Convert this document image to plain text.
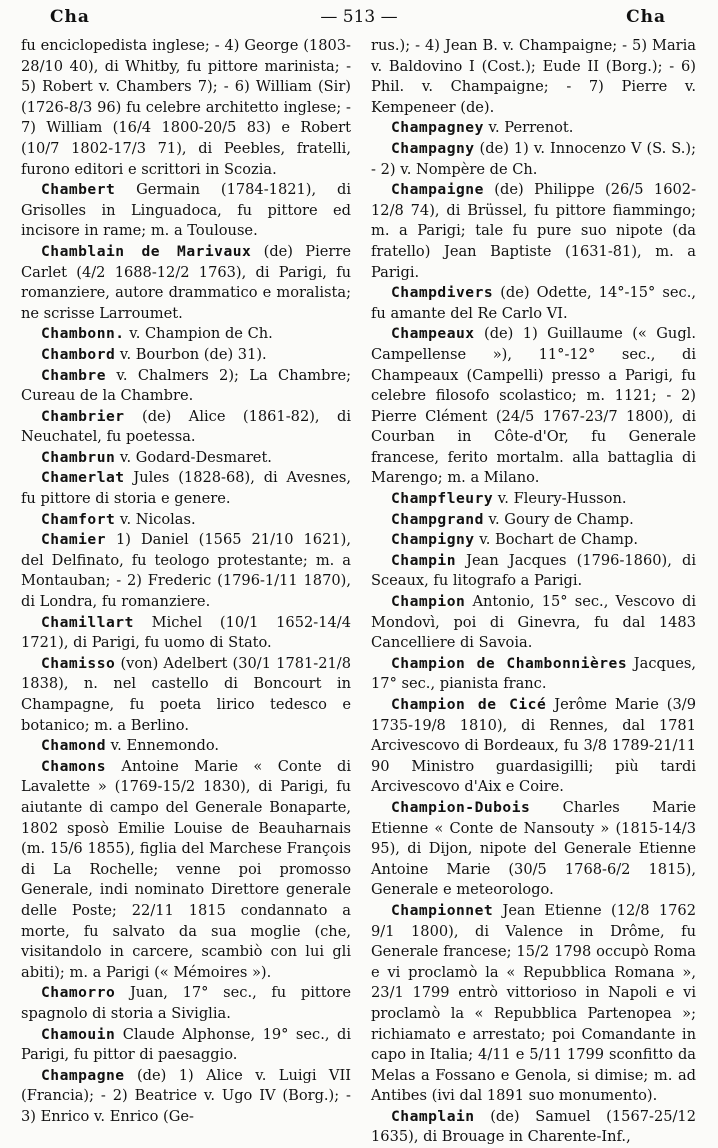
Cha	— 513 —	Cha

fu enciclopedista inglese; - 4) George (1803-28/10 40), di Whitby, fu pittore marinista; - 5) Robert v. Chambers 7); - 6) William (Sir) (1726-8/3 96) fu celebre architetto inglese; - 7) William (16/4 1800-20/5 83) e Robert (10/7 1802-17/3 71), di Peebles, fratelli, furono editori e scrittori in Scozia.

Chambert Germain (1784-1821), di Grisolles in Linguadoca, fu pittore ed incisore in rame; m. a Toulouse.

Chamblain de Marivaux (de) Pierre Carlet (4/2 1688-12/2 1763), di Parigi, fu romanziere, autore drammatico e moralista; ne scrisse Larroumet.

Chambonn. v. Champion de Ch.

Chambord v. Bourbon (de) 31).

Chambre v. Chalmers 2); La Chambre; Cureau de la Chambre.

Chambrier (de) Alice (1861-82), di Neuchatel, fu poetessa.

Chambrun v. Godard-Desmaret.

Chamerlat Jules (1828-68), di Avesnes, fu pittore di storia e genere.

Chamfort v. Nicolas.

Chamier 1) Daniel (1565 21/10 1621), del Delfinato, fu teologo protestante; m. a Montauban; - 2) Frederic (1796-1/11 1870), di Londra, fu romanziere.

Chamillart Michel (10/1 1652-14/4 1721), di Parigi, fu uomo di Stato.

Chamisso (von) Adelbert (30/1 1781-21/8 1838), n. nel castello di Boncourt in Champagne, fu poeta lirico tedesco e botanico; m. a Berlino.

Chamond v. Ennemondo.

Chamons Antoine Marie « Conte di Lavalette » (1769-15/2 1830), di Parigi, fu aiutante di campo del Generale Bonaparte, 1802 sposò Emilie Louise de Beauharnais (m. 15/6 1855), figlia del Marchese François di La Rochelle; venne poi promosso Generale, indi nominato Direttore generale delle Poste; 22/11 1815 condannato a morte, fu salvato da sua moglie (che, visitandolo in carcere, scambiò con lui gli abiti); m. a Parigi (« Mémoires »).

Chamorro Juan, 17° sec., fu pittore spagnolo di storia a Siviglia.

Chamouin Claude Alphonse, 19° sec., di Parigi, fu pittor di paesaggio.

Champagne (de) 1) Alice v. Luigi VII (Francia); - 2) Beatrice v. Ugo IV (Borg.); - 3) Enrico v. Enrico (Ge-

rus.); - 4) Jean B. v. Champaigne; - 5) Maria v. Baldovino I (Cost.); Eude II (Borg.); - 6) Phil. v. Champaigne; - 7) Pierre v. Kempeneer (de).

Champagney v. Perrenot.

Champagny (de) 1) v. Innocenzo V (S. S.); - 2) v. Nompère de Ch.

Champaigne (de) Philippe (26/5 1602-12/8 74), di Brüssel, fu pittore fiammingo; m. a Parigi; tale fu pure suo nipote (da fratello) Jean Baptiste (1631-81), m. a Parigi.

Champdivers (de) Odette, 14°-15° sec., fu amante del Re Carlo VI.

Champeaux (de) 1) Guillaume (« Gugl. Campellense »), 11°-12° sec., di Champeaux (Campelli) presso a Parigi, fu celebre filosofo scolastico; m. 1121; - 2) Pierre Clément (24/5 1767-23/7 1800), di Courban in Côte-d'Or, fu Generale francese, ferito mortalm. alla battaglia di Marengo; m. a Milano.

Champfleury v. Fleury-Husson.

Champgrand v. Goury de Champ.

Champigny v. Bochart de Champ.

Champin Jean Jacques (1796-1860), di Sceaux, fu litografo a Parigi.

Champion Antonio, 15° sec., Vescovo di Mondovì, poi di Ginevra, fu dal 1483 Cancelliere di Savoia.

Champion de Chambonnières Jacques, 17° sec., pianista franc.

Champion de Cicé Jerôme Marie (3/9 1735-19/8 1810), di Rennes, dal 1781 Arcivescovo di Bordeaux, fu 3/8 1789-21/11 90 Ministro guardasigilli; più tardi Arcivescovo d'Aix e Coire.

Champion-Dubois Charles Marie Etienne « Conte de Nansouty » (1815-14/3 95), di Dijon, nipote del Generale Etienne Antoine Marie (30/5 1768-6/2 1815), Generale e meteorologo.

Championnet Jean Etienne (12/8 1762 9/1 1800), di Valence in Drôme, fu Generale francese; 15/2 1798 occupò Roma e vi proclamò la « Repubblica Romana », 23/1 1799 entrò vittorioso in Napoli e vi proclamò la « Repubblica Partenopea »; richiamato e arrestato; poi Comandante in capo in Italia; 4/11 e 5/11 1799 sconfitto da Melas a Fossano e Genola, si dimise; m. ad Antibes (ivi dal 1891 suo monumento).

Champlain (de) Samuel (1567-25/12 1635), di Brouage in Charente-Inf.,
